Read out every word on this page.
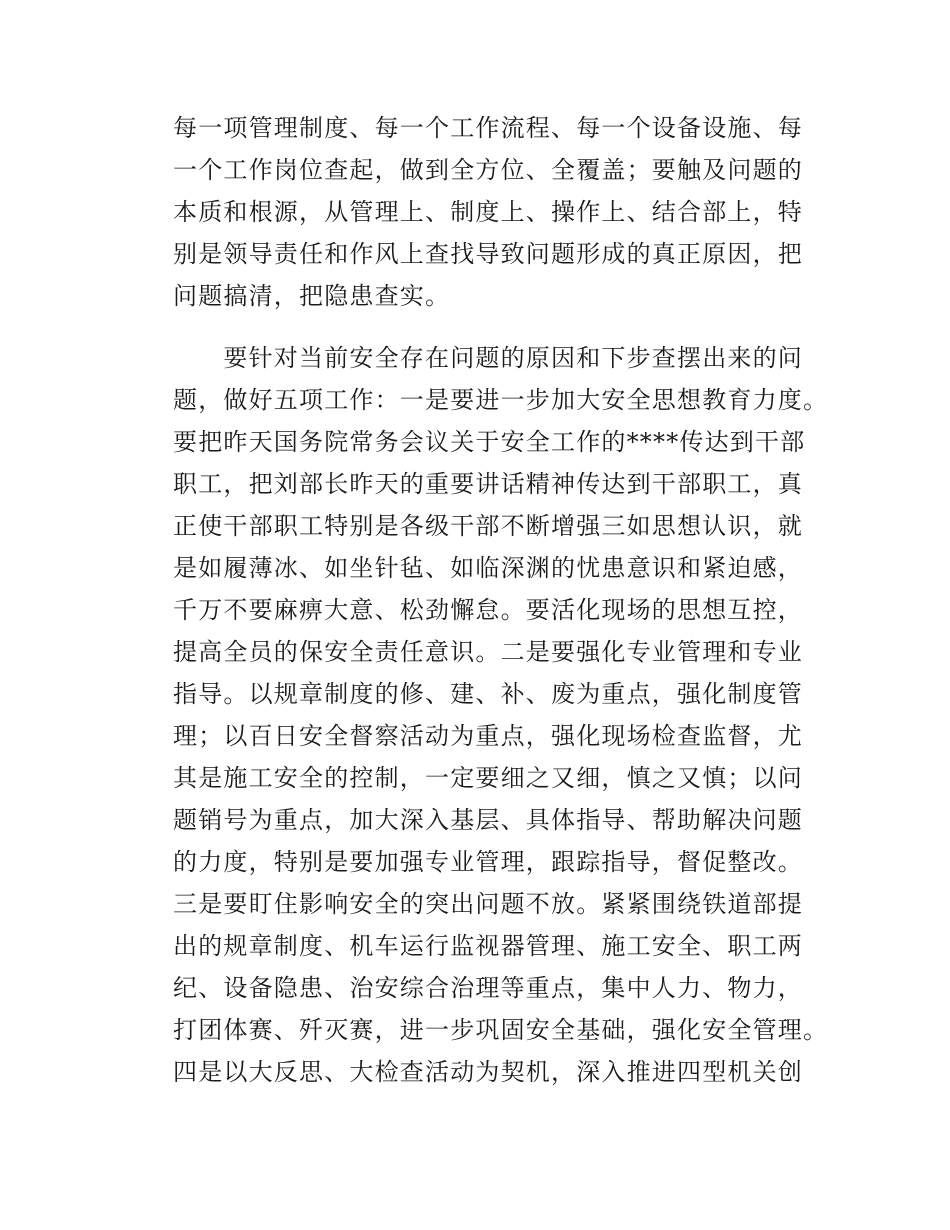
每一项管理制度、每一个工作流程、每一个设备设施、每
一个工作岗位查起，做到全方位、全覆盖；要触及问题的
本质和根源，从管理上、制度上、操作上、结合部上，特
别是领导责任和作风上查找导致问题形成的真正原因，把
问题搞清，把隐患查实。
　　要针对当前安全存在问题的原因和下步查摆出来的问
题，做好五项工作：一是要进一步加大安全思想教育力度。
要把昨天国务院常务会议关于安全工作的****传达到干部
职工，把刘部长昨天的重要讲话精神传达到干部职工，真
正使干部职工特别是各级干部不断增强三如思想认识，就
是如履薄冰、如坐针毡、如临深渊的忧患意识和紧迫感，
千万不要麻痹大意、松劲懈怠。要活化现场的思想互控，
提高全员的保安全责任意识。二是要强化专业管理和专业
指导。以规章制度的修、建、补、废为重点，强化制度管
理；以百日安全督察活动为重点，强化现场检查监督，尤
其是施工安全的控制，一定要细之又细，慎之又慎；以问
题销号为重点，加大深入基层、具体指导、帮助解决问题
的力度，特别是要加强专业管理，跟踪指导，督促整改。
三是要盯住影响安全的突出问题不放。紧紧围绕铁道部提
出的规章制度、机车运行监视器管理、施工安全、职工两
纪、设备隐患、治安综合治理等重点，集中人力、物力，
打团体赛、歼灭赛，进一步巩固安全基础，强化安全管理。
四是以大反思、大检查活动为契机，深入推进四型机关创
